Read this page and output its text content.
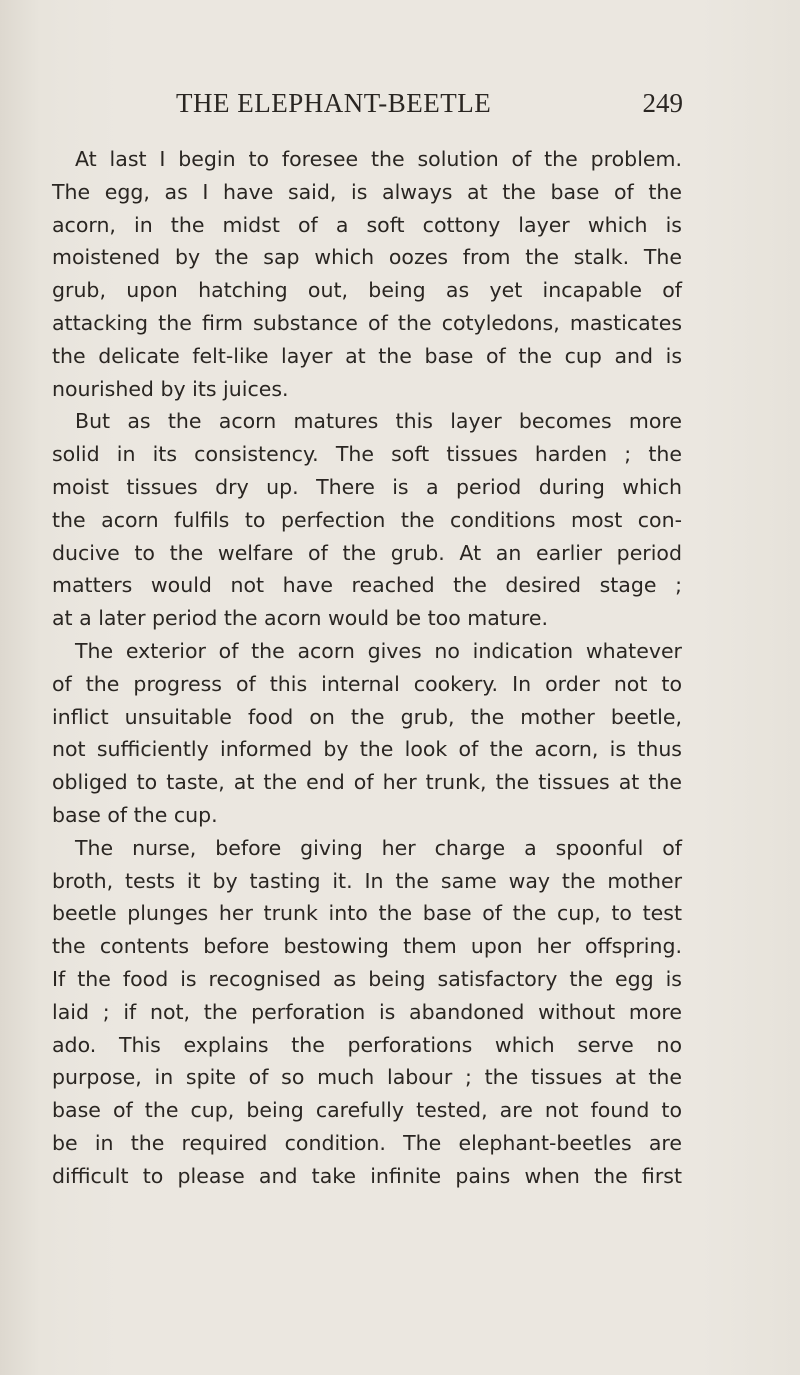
THE ELEPHANT-BEETLE	249
At last I begin to foresee the solution of the problem.
The egg, as I have said, is always at the base of the
acorn, in the midst of a soft cottony layer which is
moistened by the sap which oozes from the stalk. The
grub, upon hatching out, being as yet incapable of
attacking the firm substance of the cotyledons, masticates
the delicate felt-like layer at the base of the cup and is
nourished by its juices.
But as the acorn matures this layer becomes more
solid in its consistency. The soft tissues harden ; the
moist tissues dry up. There is a period during which
the acorn fulfils to perfection the conditions most con-
ducive to the welfare of the grub. At an earlier period
matters would not have reached the desired stage ;
at a later period the acorn would be too mature.
The exterior of the acorn gives no indication whatever
of the progress of this internal cookery. In order not to
inflict unsuitable food on the grub, the mother beetle,
not sufficiently informed by the look of the acorn, is thus
obliged to taste, at the end of her trunk, the tissues at the
base of the cup.
The nurse, before giving her charge a spoonful of
broth, tests it by tasting it. In the same way the mother
beetle plunges her trunk into the base of the cup, to test
the contents before bestowing them upon her offspring.
If the food is recognised as being satisfactory the egg is
laid ; if not, the perforation is abandoned without more
ado. This explains the perforations which serve no
purpose, in spite of so much labour ; the tissues at the
base of the cup, being carefully tested, are not found to
be in the required condition. The elephant-beetles are
difficult to please and take infinite pains when the first
